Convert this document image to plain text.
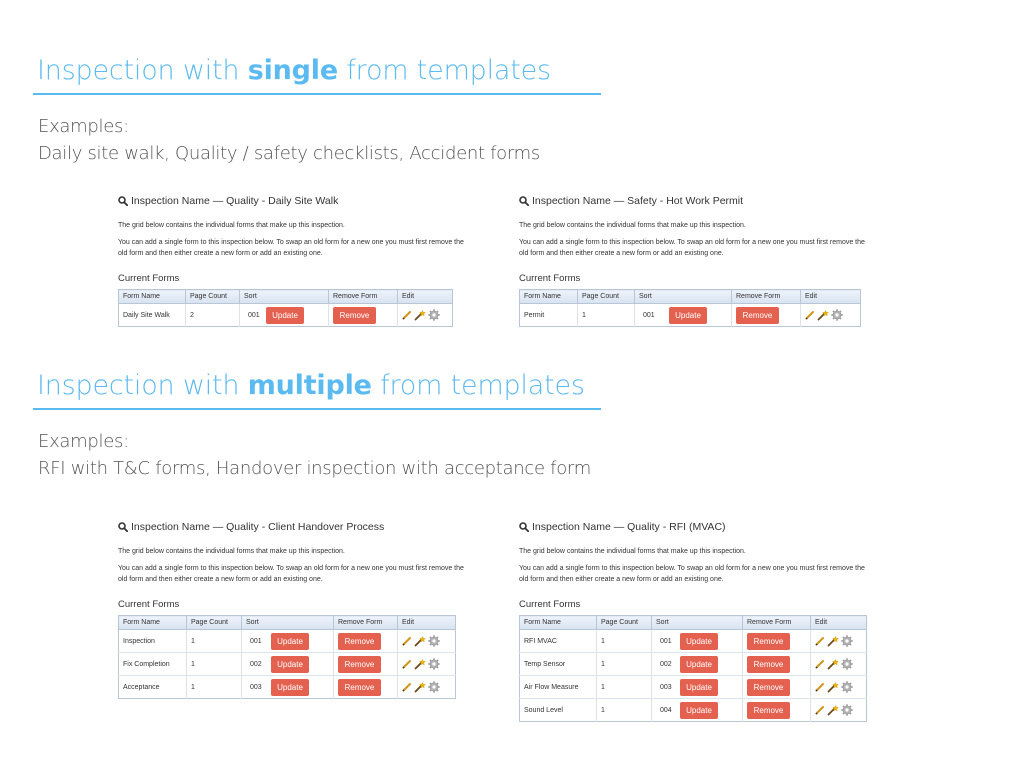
Inspection with single from templates
Examples:
Daily site walk, Quality / safety checklists, Accident forms
Inspection with multiple from templates
Examples:
RFI with T&C forms, Handover inspection with acceptance form
Inspection Name — Quality - Daily Site Walk
The grid below contains the individual forms that make up this inspection.
You can add a single form to this inspection below. To swap an old form for a new one you must first remove the
old form and then either create a new form or add an existing one.
Current Forms
Form Name	Page Count	Sort	Remove Form	Edit
Daily Site Walk	2	001 Update	Remove	
Inspection Name — Safety - Hot Work Permit
The grid below contains the individual forms that make up this inspection.
You can add a single form to this inspection below. To swap an old form for a new one you must first remove the
old form and then either create a new form or add an existing one.
Current Forms
Form Name	Page Count	Sort	Remove Form	Edit
Permit	1	001 Update	Remove	
Inspection Name — Quality - Client Handover Process
The grid below contains the individual forms that make up this inspection.
You can add a single form to this inspection below. To swap an old form for a new one you must first remove the
old form and then either create a new form or add an existing one.
Current Forms
Form Name	Page Count	Sort	Remove Form	Edit
Inspection	1	001 Update	Remove	

Fix Completion	1	002 Update	Remove	

Acceptance	1	003 Update	Remove	
Inspection Name — Quality - RFI (MVAC)
The grid below contains the individual forms that make up this inspection.
You can add a single form to this inspection below. To swap an old form for a new one you must first remove the
old form and then either create a new form or add an existing one.
Current Forms
Form Name	Page Count	Sort	Remove Form	Edit
RFI MVAC	1	001 Update	Remove	

Temp Sensor	1	002 Update	Remove	

Air Flow Measure	1	003 Update	Remove	

Sound Level	1	004 Update	Remove	
